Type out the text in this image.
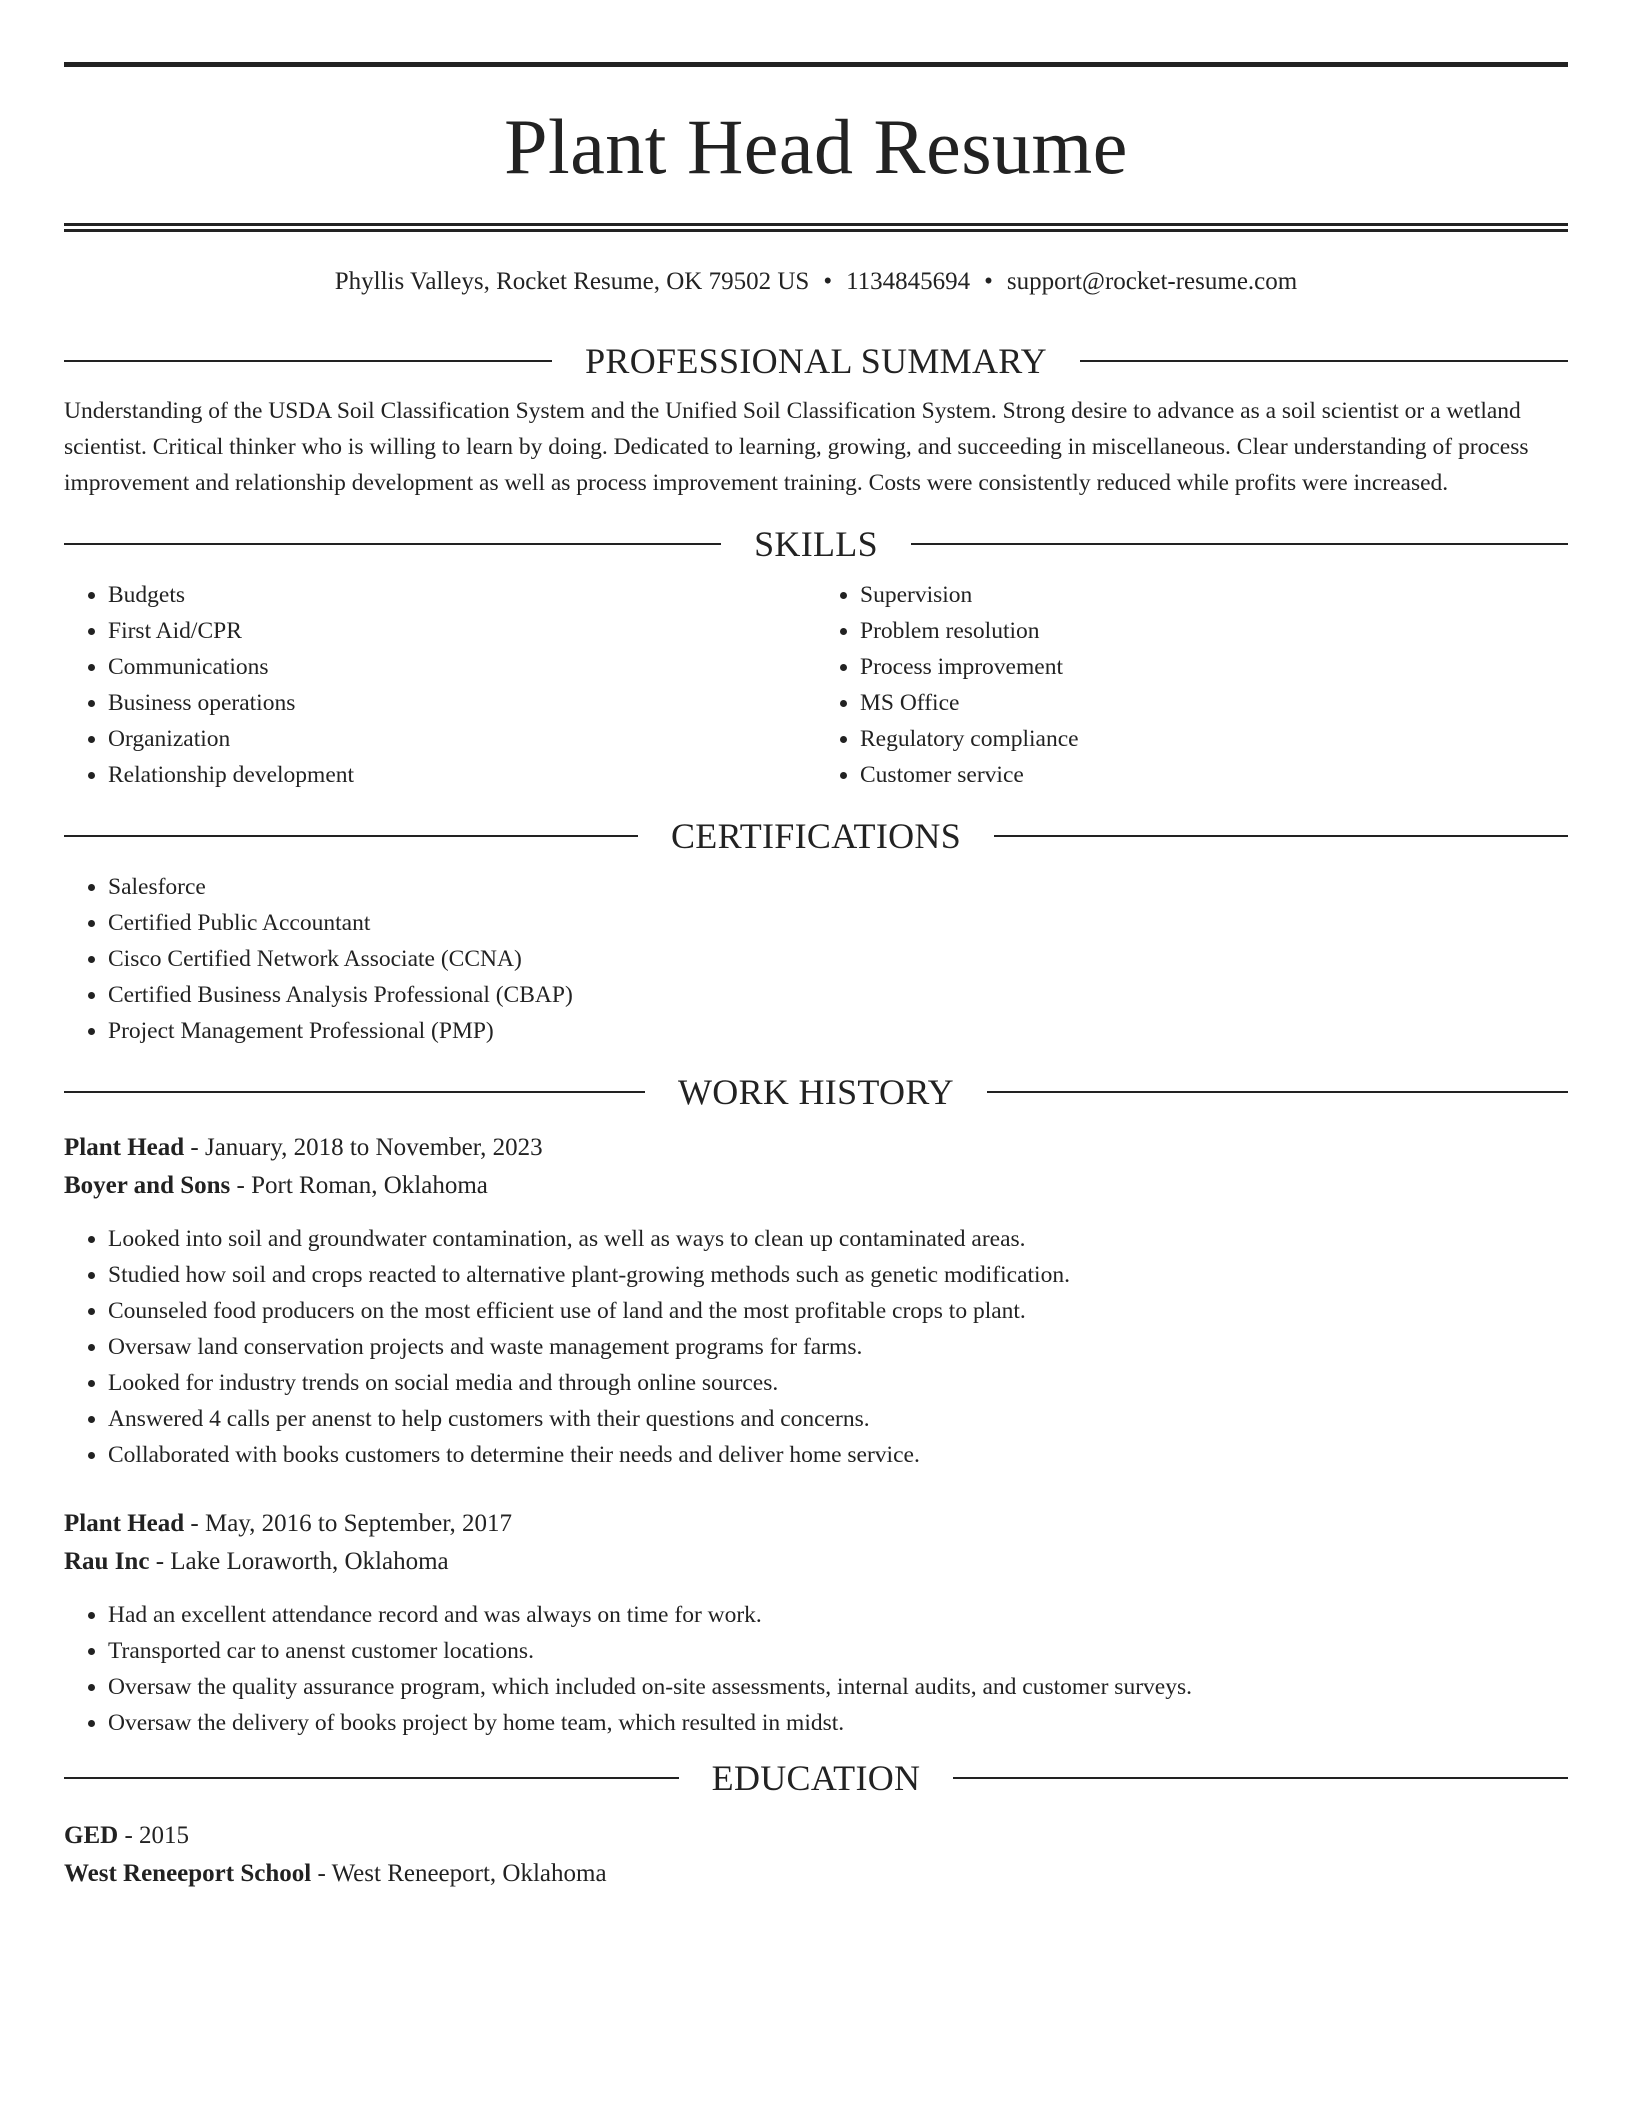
Plant Head Resume
Phyllis Valleys, Rocket Resume, OK 79502 US • 1134845694 • support@rocket-resume.com
PROFESSIONAL SUMMARY

Understanding of the USDA Soil Classification System and the Unified Soil Classification System. Strong desire to advance as a soil scientist or a wetland scientist. Critical thinker who is willing to learn by doing. Dedicated to learning, growing, and succeeding in miscellaneous. Clear understanding of process improvement and relationship development as well as process improvement training. Costs were consistently reduced while profits were increased.

SKILLS
• Budgets
• First Aid/CPR
• Communications
• Business operations
• Organization
• Relationship development
• Supervision
• Problem resolution
• Process improvement
• MS Office
• Regulatory compliance
• Customer service
CERTIFICATIONS
• Salesforce
• Certified Public Accountant
• Cisco Certified Network Associate (CCNA)
• Certified Business Analysis Professional (CBAP)
• Project Management Professional (PMP)
WORK HISTORY
Plant Head - January, 2018 to November, 2023
Boyer and Sons - Port Roman, Oklahoma
• Looked into soil and groundwater contamination, as well as ways to clean up contaminated areas.
• Studied how soil and crops reacted to alternative plant-growing methods such as genetic modification.
• Counseled food producers on the most efficient use of land and the most profitable crops to plant.
• Oversaw land conservation projects and waste management programs for farms.
• Looked for industry trends on social media and through online sources.
• Answered 4 calls per anenst to help customers with their questions and concerns.
• Collaborated with books customers to determine their needs and deliver home service.
Plant Head - May, 2016 to September, 2017
Rau Inc - Lake Loraworth, Oklahoma
• Had an excellent attendance record and was always on time for work.
• Transported car to anenst customer locations.
• Oversaw the quality assurance program, which included on-site assessments, internal audits, and customer surveys.
• Oversaw the delivery of books project by home team, which resulted in midst.
EDUCATION
GED - 2015
West Reneeport School - West Reneeport, Oklahoma
